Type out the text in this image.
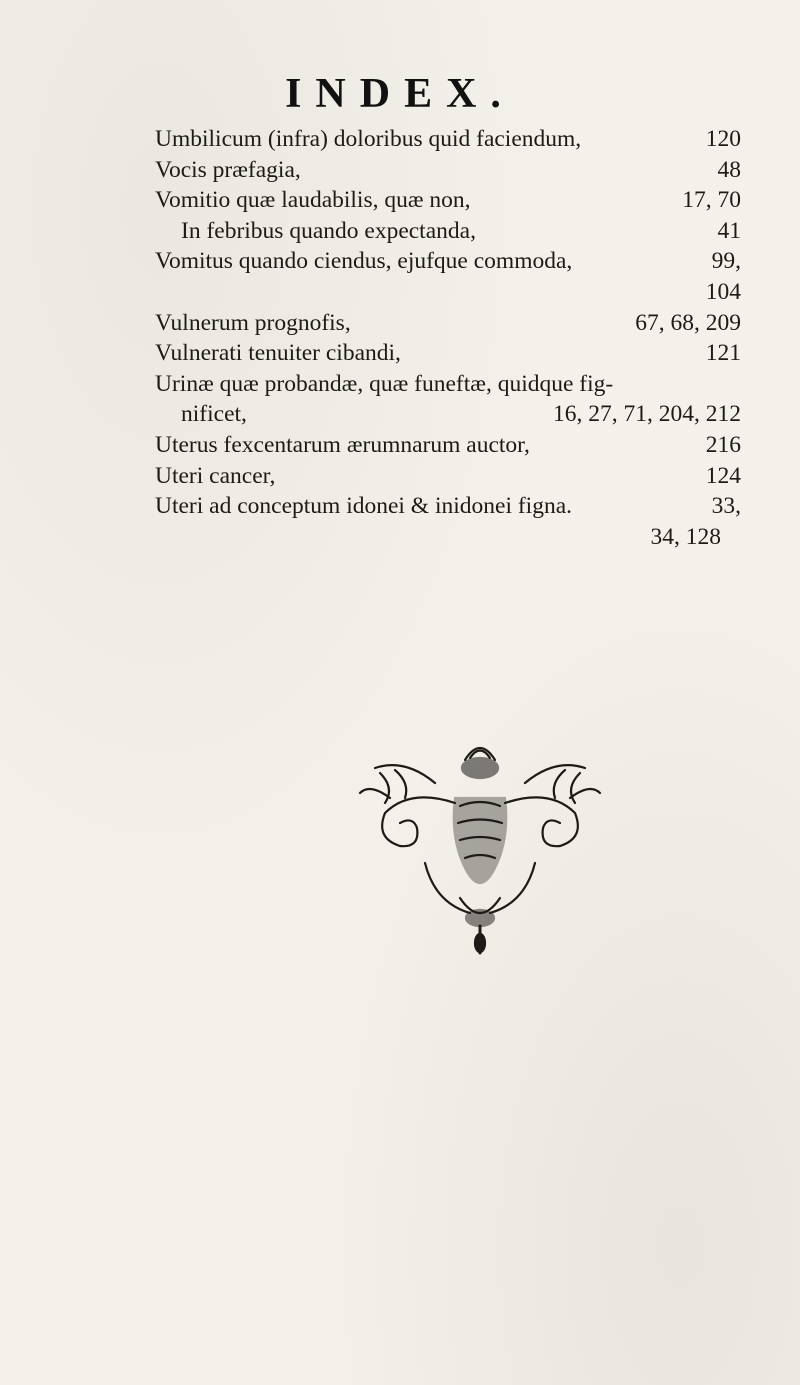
INDEX.
Umbilicum (infra) doloribus quid faciendum,	120
Vocis præfagia,	48
Vomitio quæ laudabilis, quæ non,	17, 70
In febribus quando expectanda,	41
Vomitus quando ciendus, ejufque commoda,	99,
104
Vulnerum prognofis,	67, 68, 209
Vulnerati tenuiter cibandi,	121
Urinæ quæ probandæ, quæ funeftæ, quidque fig-
nificet,	16, 27, 71, 204, 212
Uterus fexcentarum ærumnarum auctor,	216
Uteri cancer,	124
Uteri ad conceptum idonei & inidonei figna.	33,
34, 128
